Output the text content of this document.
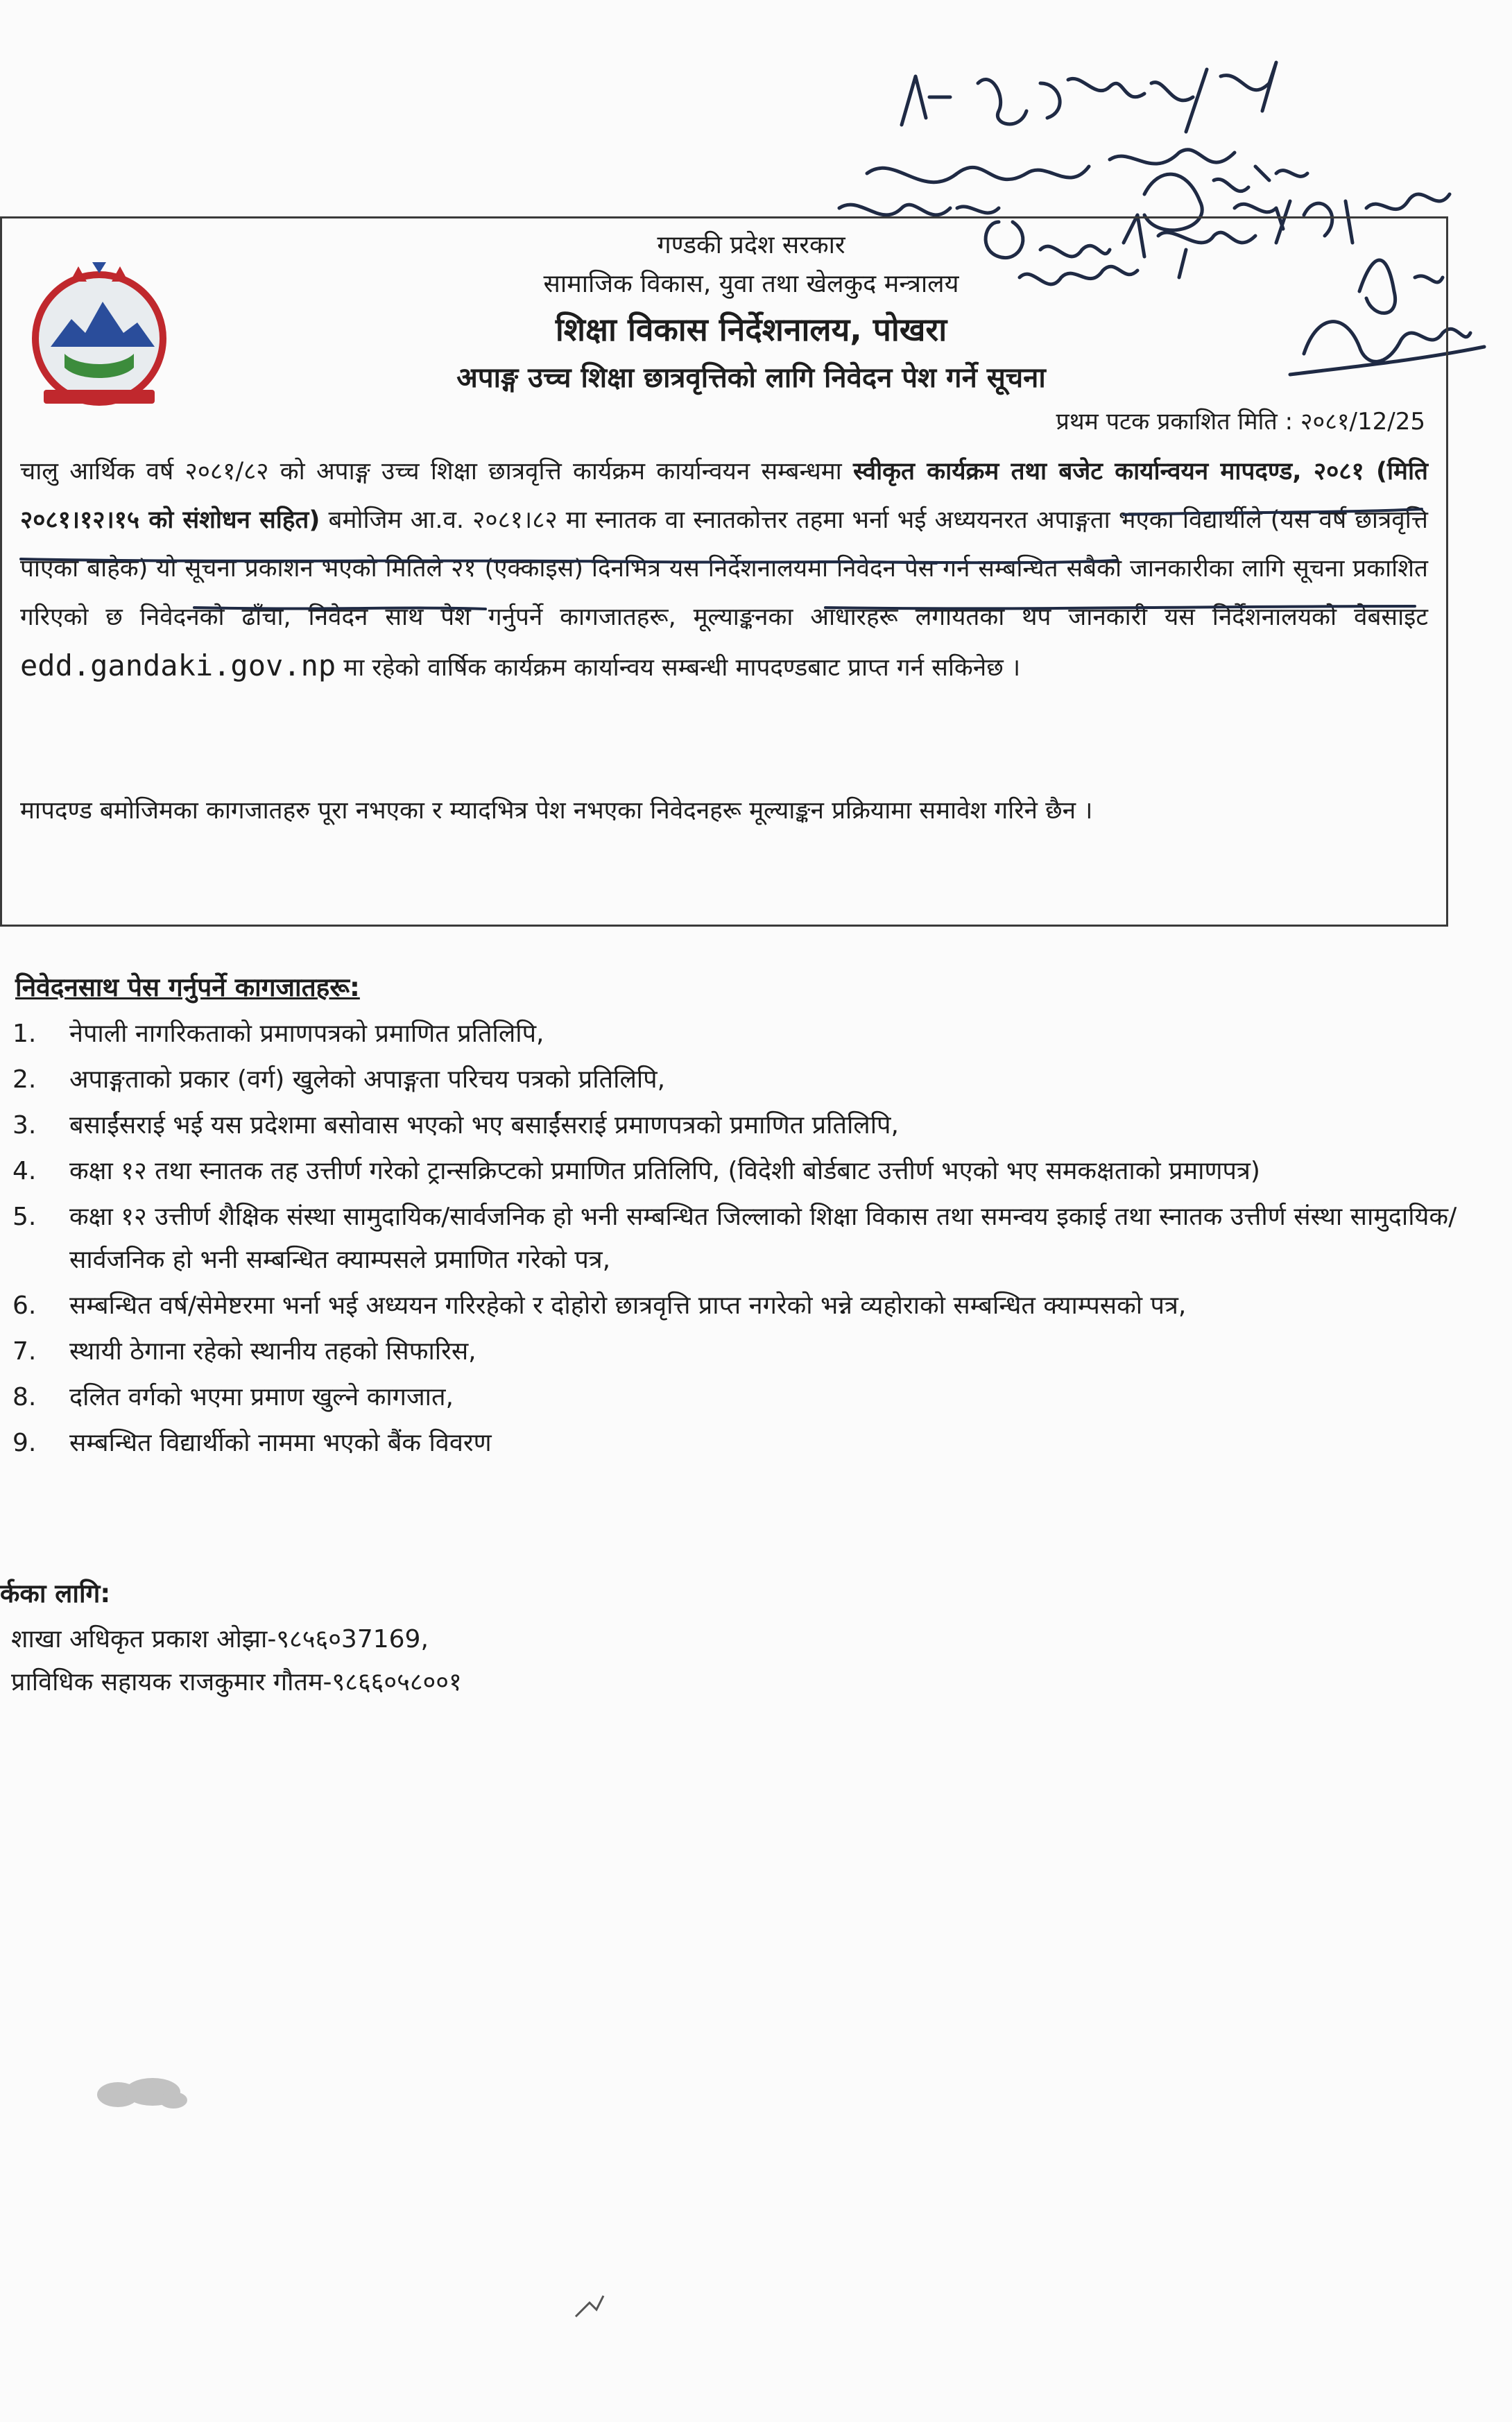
गण्डकी प्रदेश सरकार
सामाजिक विकास, युवा तथा खेलकुद मन्त्रालय
शिक्षा विकास निर्देशनालय, पोखरा
अपाङ्ग उच्च शिक्षा छात्रवृत्तिको लागि निवेदन पेश गर्ने सूचना
प्रथम पटक प्रकाशित मिति : २०८१/12/25

चालु आर्थिक वर्ष २०८१/८२ को अपाङ्ग उच्च शिक्षा छात्रवृत्ति कार्यक्रम कार्यान्वयन सम्बन्धमा स्वीकृत कार्यक्रम तथा बजेट कार्यान्वयन मापदण्ड, २०८१ (मिति २०८१।१२।१५ को संशोधन सहित) बमोजिम आ.व. २०८१।८२ मा स्नातक वा स्नातकोत्तर तहमा भर्ना भई अध्ययनरत अपाङ्गता भएका विद्यार्थीले (यस वर्ष छात्रवृत्ति पाएका बाहेक) यो सूचना प्रकाशन भएको मितिले २१ (एक्काइस) दिनभित्र यस निर्देशनालयमा निवेदन पेस गर्न सम्बन्धित सबैको जानकारीका लागि सूचना प्रकाशित गरिएको छ निवेदनको ढाँचा, निवेदन साथ पेश गर्नुपर्ने कागजातहरू, मूल्याङ्कनका आधारहरू लगायतका थप जानकारी यस निर्देशनालयको वेबसाइट edd.gandaki.gov.np मा रहेको वार्षिक कार्यक्रम कार्यान्वय सम्बन्धी मापदण्डबाट प्राप्त गर्न सकिनेछ ।

मापदण्ड बमोजिमका कागजातहरु पूरा नभएका र म्यादभित्र पेश नभएका निवेदनहरू मूल्याङ्कन प्रक्रियामा समावेश गरिने छैन ।

निवेदनसाथ पेस गर्नुपर्ने कागजातहरू:
1. नेपाली नागरिकताको प्रमाणपत्रको प्रमाणित प्रतिलिपि,
2. अपाङ्गताको प्रकार (वर्ग) खुलेको अपाङ्गता परिचय पत्रको प्रतिलिपि,
3. बसाईंसराई भई यस प्रदेशमा बसोवास भएको भए बसाईंसराई प्रमाणपत्रको प्रमाणित प्रतिलिपि,
4. कक्षा १२ तथा स्नातक तह उत्तीर्ण गरेको ट्रान्सक्रिप्टको प्रमाणित प्रतिलिपि, (विदेशी बोर्डबाट उत्तीर्ण भएको भए समकक्षताको प्रमाणपत्र)
5. कक्षा १२ उत्तीर्ण शैक्षिक संस्था सामुदायिक/सार्वजनिक हो भनी सम्बन्धित जिल्लाको शिक्षा विकास तथा समन्वय इकाई तथा स्नातक उत्तीर्ण संस्था सामुदायिक/सार्वजनिक हो भनी सम्बन्धित क्याम्पसले प्रमाणित गरेको पत्र,
6. सम्बन्धित वर्ष/सेमेष्टरमा भर्ना भई अध्ययन गरिरहेको र दोहोरो छात्रवृत्ति प्राप्त नगरेको भन्ने व्यहोराको सम्बन्धित क्याम्पसको पत्र,
7. स्थायी ठेगाना रहेको स्थानीय तहको सिफारिस,
8. दलित वर्गको भएमा प्रमाण खुल्ने कागजात,
9. सम्बन्धित विद्यार्थीको नाममा भएको बैंक विवरण
र्कका लागि:

शाखा अधिकृत प्रकाश ओझा-९८५६०37169,

प्राविधिक सहायक राजकुमार गौतम-९८६६०५८००१
